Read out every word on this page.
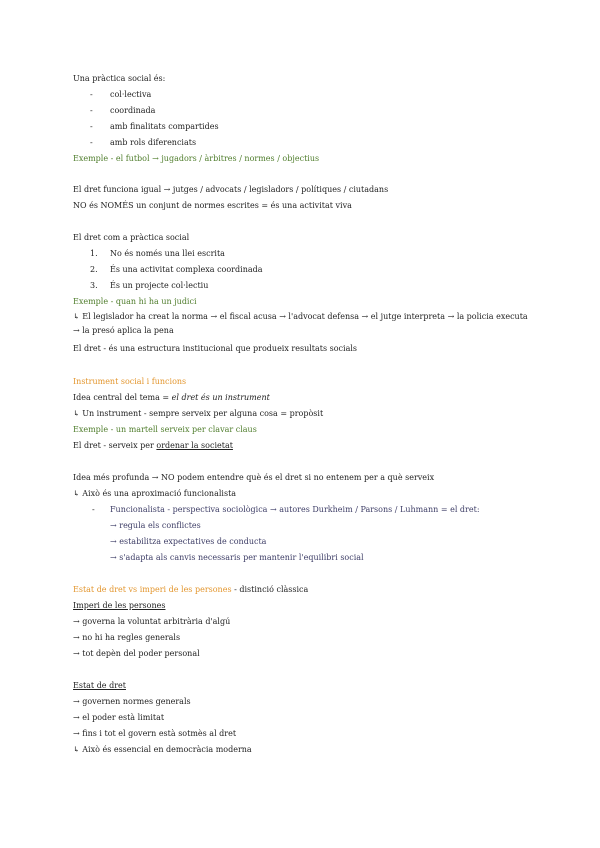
Una pràctica social és:
- col·lectiva
- coordinada
- amb finalitats compartides
- amb rols diferenciats
Exemple - el futbol → jugadors / àrbitres / normes / objectius
El dret funciona igual → jutges / advocats / legisladors / polítiques / ciutadans
NO és NOMÉS un conjunt de normes escrites = és una activitat viva
El dret com a pràctica social
1. No és només una llei escrita
2. És una activitat complexa coordinada
3. És un projecte col·lectiu
Exemple - quan hi ha un judici
↳ El legislador ha creat la norma → el fiscal acusa → l'advocat defensa → el jutge interpreta → la policia executa → la presó aplica la pena
El dret - és una estructura institucional que produeix resultats socials
Instrument social i funcions
Idea central del tema = el dret és un instrument
↳ Un instrument - sempre serveix per alguna cosa = propòsit
Exemple - un martell serveix per clavar claus
El dret - serveix per ordenar la societat
Idea més profunda → NO podem entendre què és el dret si no entenem per a què serveix
↳ Això és una aproximació funcionalista
- Funcionalista - perspectiva sociològica → autores Durkheim / Parsons / Luhmann = el dret:
→ regula els conflictes
→ estabilitza expectatives de conducta
→ s'adapta als canvis necessaris per mantenir l'equilibri social
Estat de dret vs imperi de les persones - distinció clàssica
Imperi de les persones
→ governa la voluntat arbitrària d'algú
→ no hi ha regles generals
→ tot depèn del poder personal
Estat de dret
→ governen normes generals
→ el poder està limitat
→ fins i tot el govern està sotmès al dret
↳ Això és essencial en democràcia moderna
